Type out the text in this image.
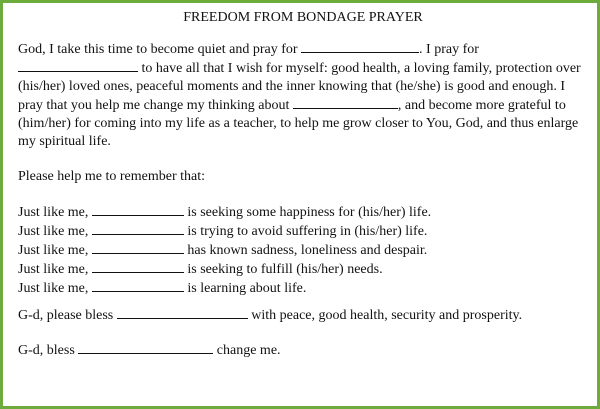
FREEDOM FROM BONDAGE PRAYER

God, I take this time to become quiet and pray for	. I pray for
to have all that I wish for myself: good health, a loving family, protection over (his/her) loved ones, peaceful moments and the inner knowing that (he/she) is good and enough. I pray that you help me change my thinking about	, and become more grateful to (him/her) for coming into my life as a teacher, to help me grow closer to You, God, and thus enlarge my spiritual life.

Please help me to remember that:

Just like me,	is seeking some happiness for (his/her) life.

Just like me,	is trying to avoid suffering in (his/her) life.

Just like me,	has known sadness, loneliness and despair.

Just like me,	is seeking to fulfill (his/her) needs.

Just like me,	is learning about life.

G-d, please bless	with peace, good health, security and prosperity.

G-d, bless	change me.
